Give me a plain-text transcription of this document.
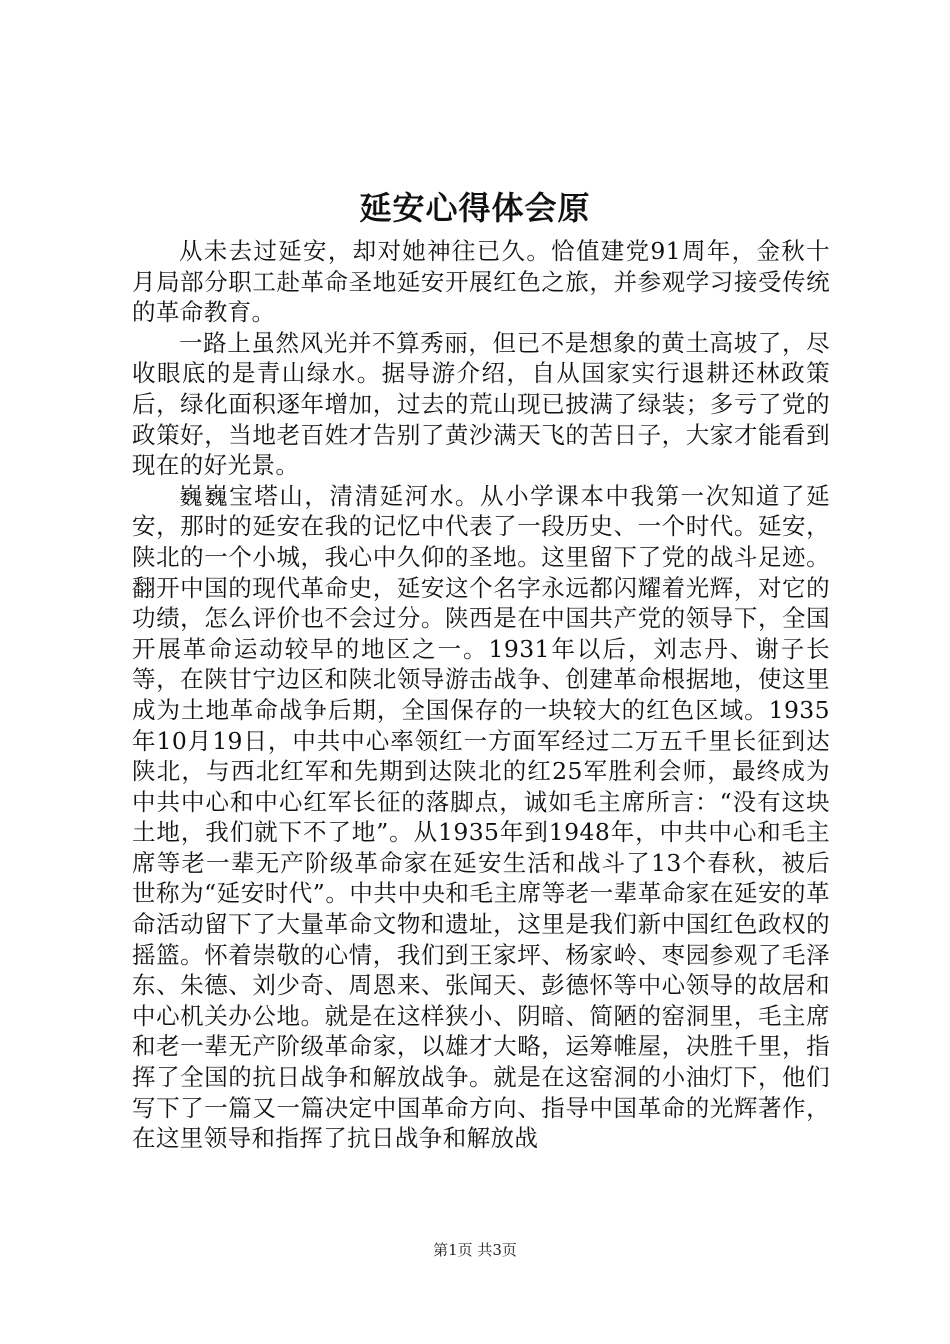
延安心得体会原

从未去过延安，却对她神往已久。恰值建党91周年，金秋十月局部分职工赴革命圣地延安开展红色之旅，并参观学习接受传统的革命教育。

一路上虽然风光并不算秀丽，但已不是想象的黄土高坡了，尽收眼底的是青山绿水。据导游介绍，自从国家实行退耕还林政策后，绿化面积逐年增加，过去的荒山现已披满了绿装；多亏了党的政策好，当地老百姓才告别了黄沙满天飞的苦日子，大家才能看到现在的好光景。

巍巍宝塔山，清清延河水。从小学课本中我第一次知道了延安，那时的延安在我的记忆中代表了一段历史、一个时代。延安，陕北的一个小城，我心中久仰的圣地。这里留下了党的战斗足迹。翻开中国的现代革命史，延安这个名字永远都闪耀着光辉，对它的功绩，怎么评价也不会过分。陕西是在中国共产党的领导下，全国开展革命运动较早的地区之一。1931年以后，刘志丹、谢子长等，在陕甘宁边区和陕北领导游击战争、创建革命根据地，使这里成为土地革命战争后期，全国保存的一块较大的红色区域。1935年10月19日，中共中心率领红一方面军经过二万五千里长征到达陕北，与西北红军和先期到达陕北的红25军胜利会师，最终成为中共中心和中心红军长征的落脚点，诚如毛主席所言：“没有这块土地，我们就下不了地”。从1935年到1948年，中共中心和毛主席等老一辈无产阶级革命家在延安生活和战斗了13个春秋，被后世称为“延安时代”。中共中央和毛主席等老一辈革命家在延安的革命活动留下了大量革命文物和遗址，这里是我们新中国红色政权的摇篮。怀着崇敬的心情，我们到王家坪、杨家岭、枣园参观了毛泽东、朱德、刘少奇、周恩来、张闻天、彭德怀等中心领导的故居和中心机关办公地。就是在这样狭小、阴暗、简陋的窑洞里，毛主席和老一辈无产阶级革命家，以雄才大略，运筹帷屋，决胜千里，指挥了全国的抗日战争和解放战争。就是在这窑洞的小油灯下，他们写下了一篇又一篇决定中国革命方向、指导中国革命的光辉著作，在这里领导和指挥了抗日战争和解放战

第1页 共3页
